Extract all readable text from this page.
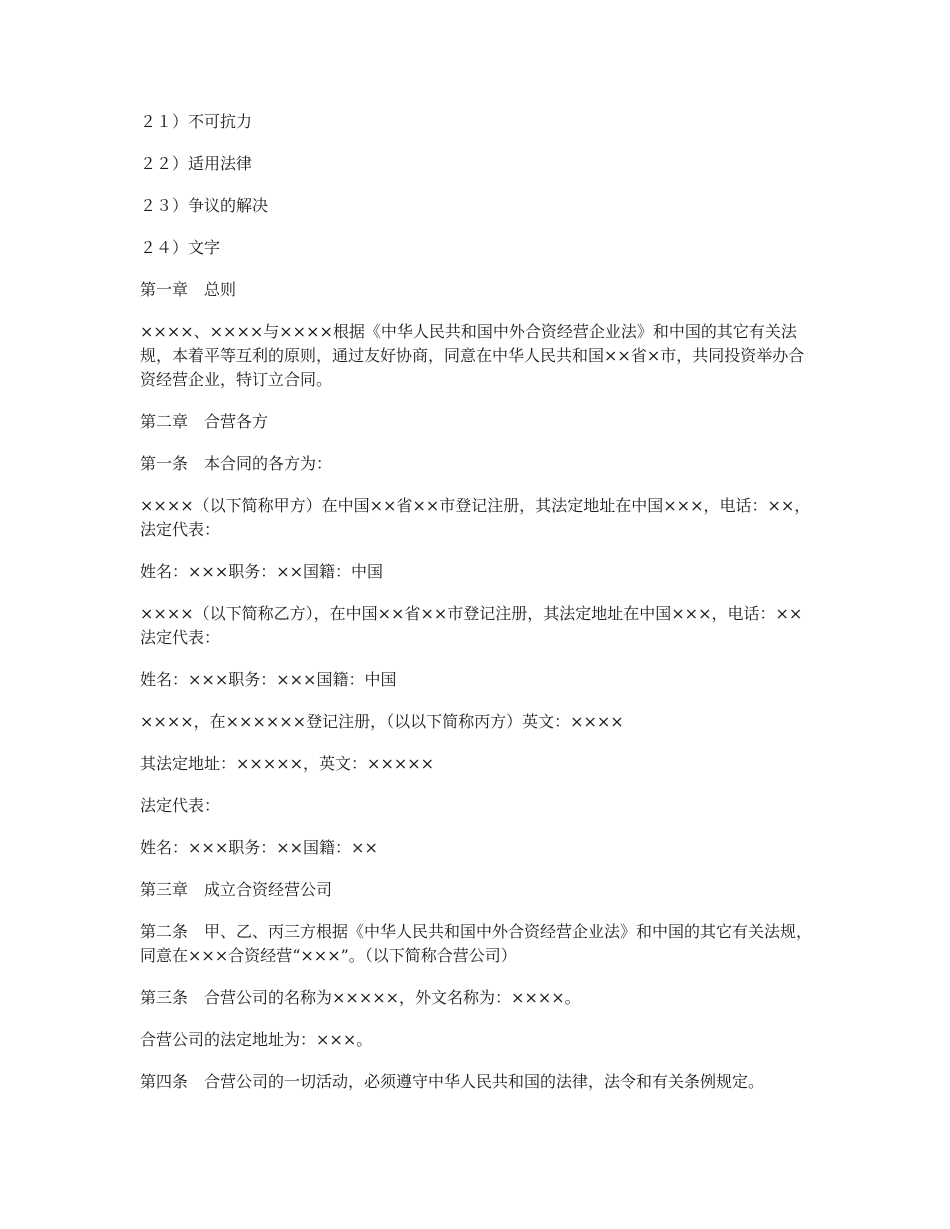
２１）不可抗力

２２）适用法律

２３）争议的解决

２４）文字

第一章　总则

××××、××××与××××根据《中华人民共和国中外合资经营企业法》和中国的其它有关法规，本着平等互利的原则，通过友好协商，同意在中华人民共和国××省×市，共同投资举办合资经营企业，特订立合同。

第二章　合营各方

第一条　本合同的各方为：

××××（以下简称甲方）在中国××省××市登记注册，其法定地址在中国×××，电话：××，法定代表：

姓名：×××职务：××国籍：中国

××××（以下简称乙方），在中国××省××市登记注册，其法定地址在中国×××，电话：××法定代表：

姓名：×××职务：×××国籍：中国

××××，在××××××登记注册，（以以下简称丙方）英文：××××

其法定地址：×××××，英文：×××××

法定代表：

姓名：×××职务：××国籍：××

第三章　成立合资经营公司

第二条　甲、乙、丙三方根据《中华人民共和国中外合资经营企业法》和中国的其它有关法规，同意在×××合资经营“×××”。（以下简称合营公司）

第三条　合营公司的名称为×××××，外文名称为：××××。

合营公司的法定地址为：×××。

第四条　合营公司的一切活动，必须遵守中华人民共和国的法律，法令和有关条例规定。
